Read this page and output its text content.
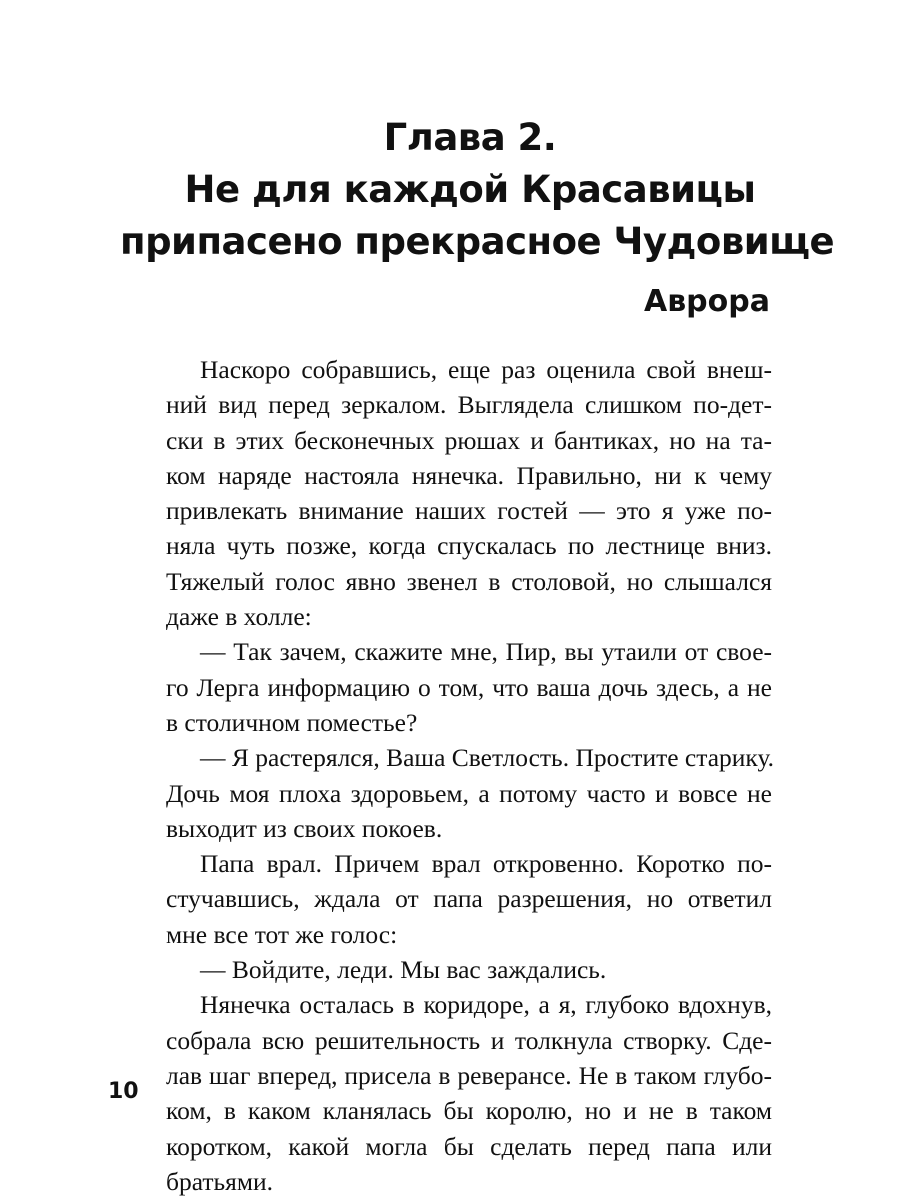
Глава 2.
Не для каждой Красавицы
припасено прекрасное Чудовище
Аврора
Наскоро собравшись, еще раз оценила свой внеш-
ний вид перед зеркалом. Выглядела слишком по-дет-
ски в этих бесконечных рюшах и бантиках, но на та-
ком наряде настояла нянечка. Правильно, ни к чему
привлекать внимание наших гостей — это я уже по-
няла чуть позже, когда спускалась по лестнице вниз.
Тяжелый голос явно звенел в столовой, но слышался
даже в холле:
— Так зачем, скажите мне, Пир, вы утаили от свое-
го Лерга информацию о том, что ваша дочь здесь, а не
в столичном поместье?
— Я растерялся, Ваша Светлость. Простите старику.
Дочь моя плоха здоровьем, а потому часто и вовсе не
выходит из своих покоев.
Папа врал. Причем врал откровенно. Коротко по-
стучавшись, ждала от папа разрешения, но ответил
мне все тот же голос:
— Войдите, леди. Мы вас заждались.
Нянечка осталась в коридоре, а я, глубоко вдохнув,
собрала всю решительность и толкнула створку. Сде-
лав шаг вперед, присела в реверансе. Не в таком глубо-
ком, в каком кланялась бы королю, но и не в таком
коротком, какой могла бы сделать перед папа или
братьями.
10
